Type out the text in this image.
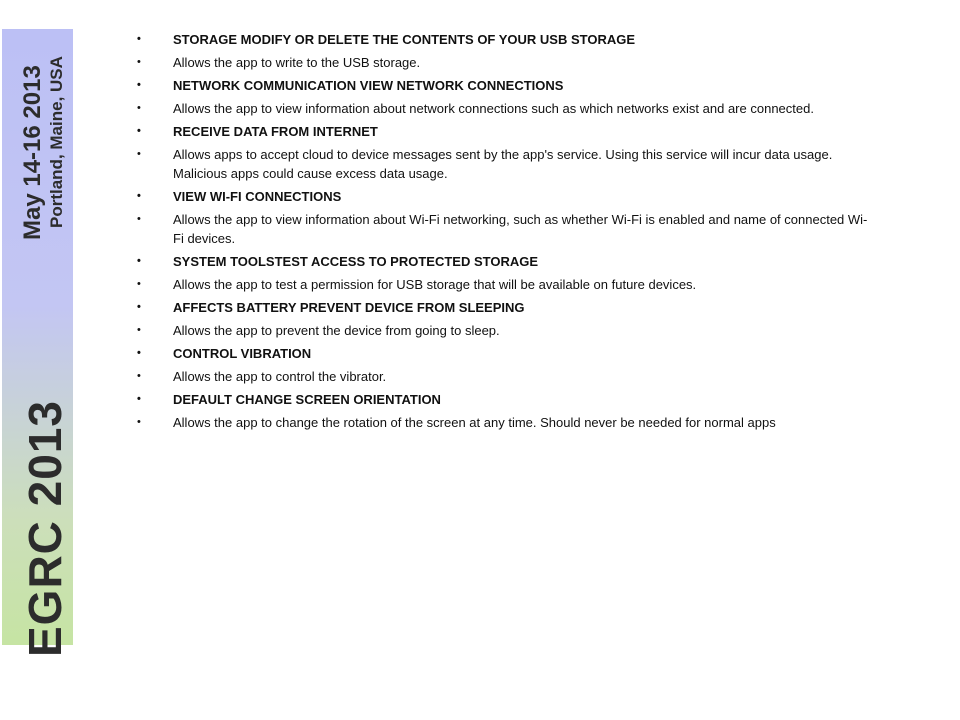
EGRC 2013
May 14-16 2013 Portland, Maine, USA
• STORAGE MODIFY OR DELETE THE CONTENTS OF YOUR USB STORAGE
• Allows the app to write to the USB storage.
• NETWORK COMMUNICATION VIEW NETWORK CONNECTIONS
• Allows the app to view information about network connections such as which networks exist and are connected.
• RECEIVE DATA FROM INTERNET
• Allows apps to accept cloud to device messages sent by the app's service. Using this service will incur data usage. Malicious apps could cause excess data usage.
• VIEW WI-FI CONNECTIONS
• Allows the app to view information about Wi-Fi networking, such as whether Wi-Fi is enabled and name of connected Wi-Fi devices.
• SYSTEM TOOLSTEST ACCESS TO PROTECTED STORAGE
• Allows the app to test a permission for USB storage that will be available on future devices.
• AFFECTS BATTERY PREVENT DEVICE FROM SLEEPING
• Allows the app to prevent the device from going to sleep.
• CONTROL VIBRATION
• Allows the app to control the vibrator.
• DEFAULT CHANGE SCREEN ORIENTATION
• Allows the app to change the rotation of the screen at any time. Should never be needed for normal apps
